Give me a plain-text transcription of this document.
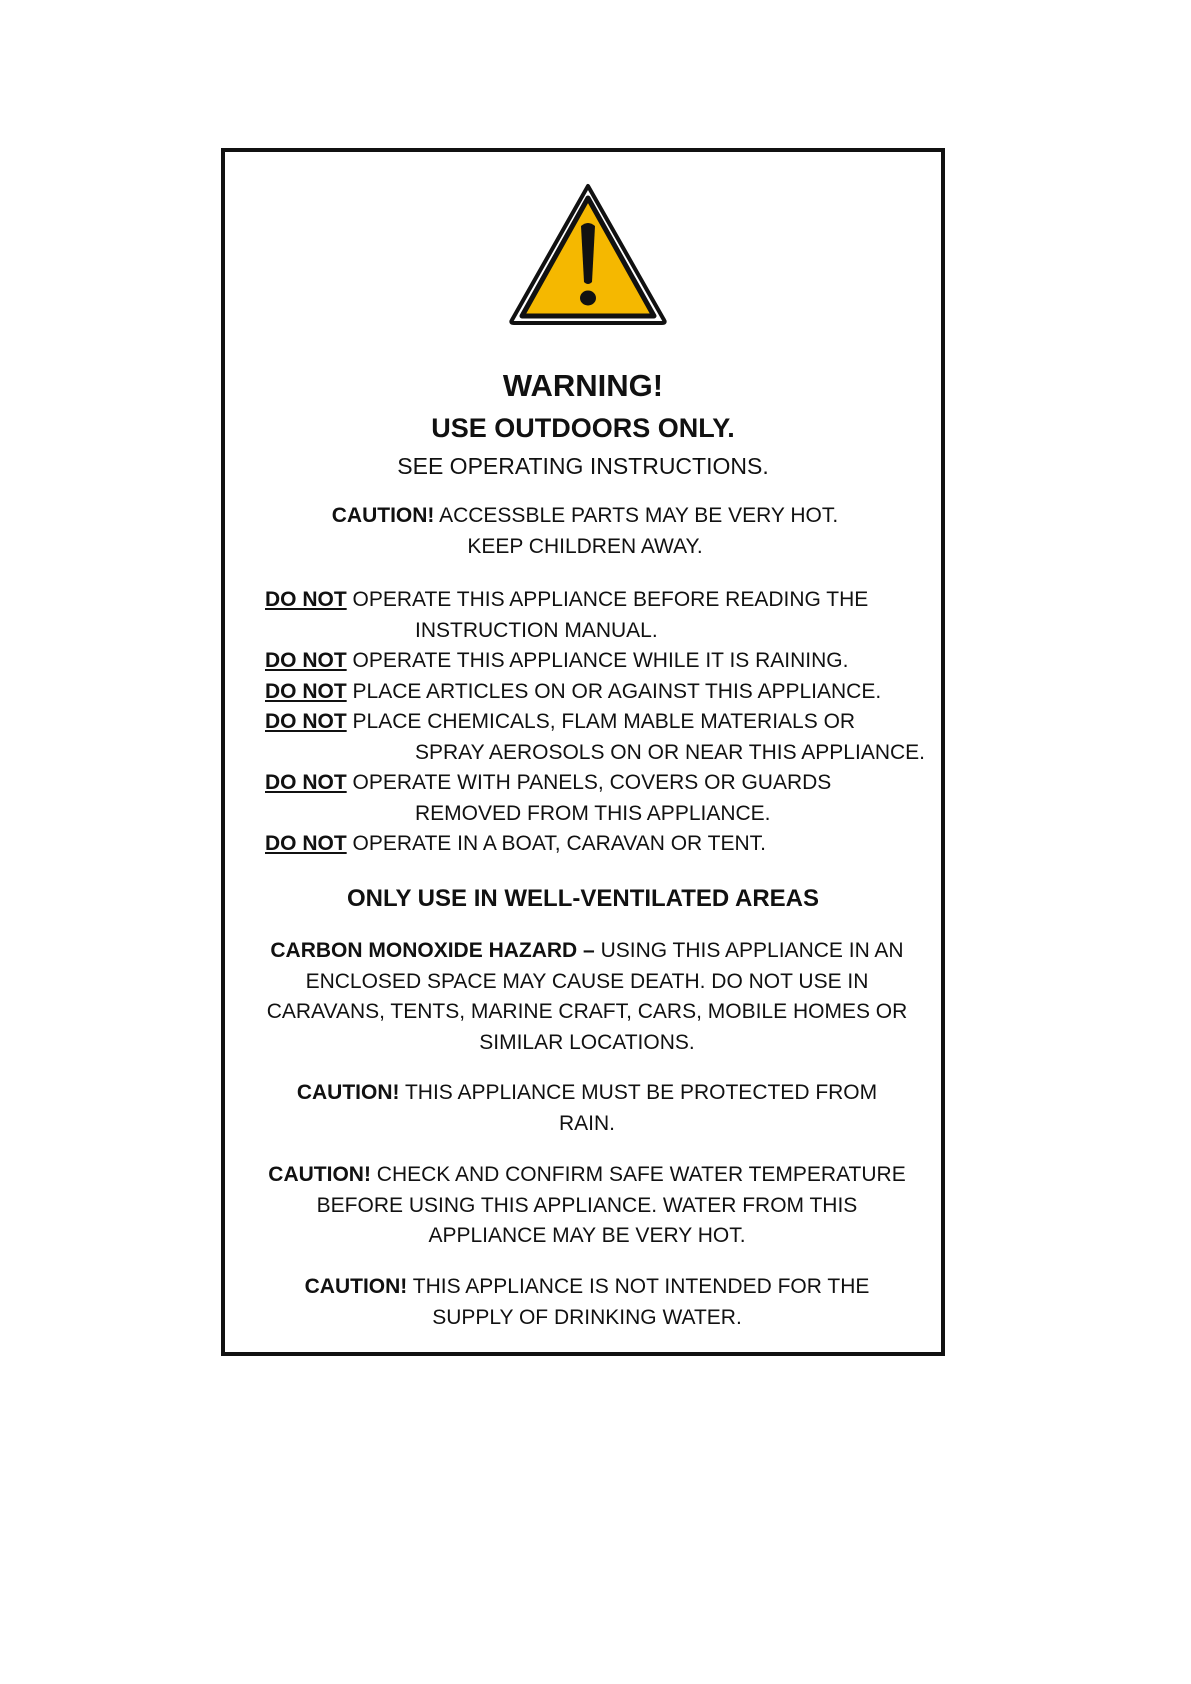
WARNING!
USE OUTDOORS ONLY.
SEE OPERATING INSTRUCTIONS.
CAUTION! ACCESSBLE PARTS MAY BE VERY HOT. KEEP CHILDREN AWAY.
DO NOT OPERATE THIS APPLIANCE BEFORE READING THE
INSTRUCTION MANUAL.
DO NOT OPERATE THIS APPLIANCE WHILE IT IS RAINING.
DO NOT PLACE ARTICLES ON OR AGAINST THIS APPLIANCE.
DO NOT PLACE CHEMICALS, FLAM MABLE MATERIALS OR
SPRAY AEROSOLS ON OR NEAR THIS APPLIANCE.
DO NOT OPERATE WITH PANELS, COVERS OR GUARDS
REMOVED FROM THIS APPLIANCE.
DO NOT OPERATE IN A BOAT, CARAVAN OR TENT.
ONLY USE IN WELL-VENTILATED AREAS
CARBON MONOXIDE HAZARD – USING THIS APPLIANCE IN AN ENCLOSED SPACE MAY CAUSE DEATH. DO NOT USE IN CARAVANS, TENTS, MARINE CRAFT, CARS, MOBILE HOMES OR SIMILAR LOCATIONS.
CAUTION! THIS APPLIANCE MUST BE PROTECTED FROM RAIN.
CAUTION! CHECK AND CONFIRM SAFE WATER TEMPERATURE BEFORE USING THIS APPLIANCE. WATER FROM THIS APPLIANCE MAY BE VERY HOT.
CAUTION! THIS APPLIANCE IS NOT INTENDED FOR THE SUPPLY OF DRINKING WATER.
